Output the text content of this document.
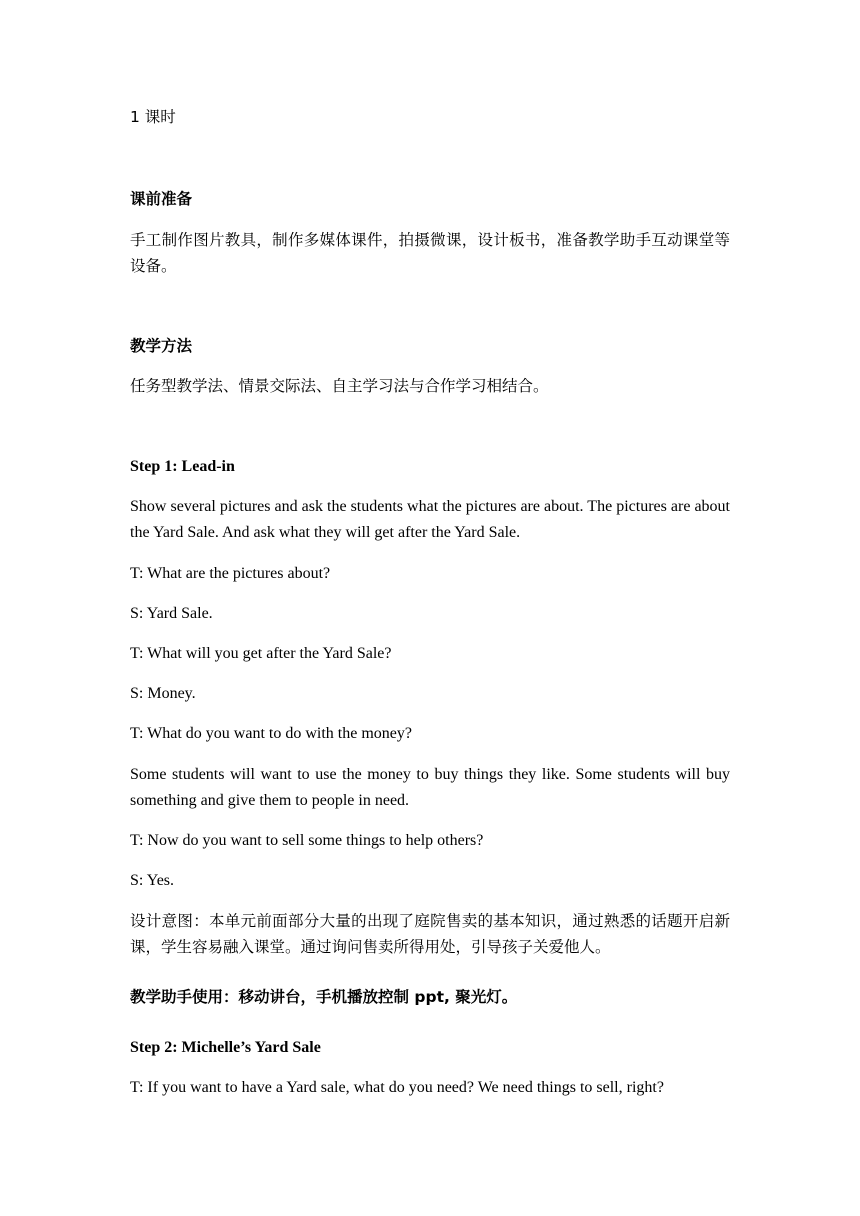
1 课时
课前准备
手工制作图片教具，制作多媒体课件，拍摄微课，设计板书，准备教学助手互动课堂等设备。
教学方法
任务型教学法、情景交际法、自主学习法与合作学习相结合。
Step 1: Lead-in
Show several pictures and ask the students what the pictures are about. The pictures are about the Yard Sale. And ask what they will get after the Yard Sale.
T: What are the pictures about?
S: Yard Sale.
T: What will you get after the Yard Sale?
S: Money.
T: What do you want to do with the money?
Some students will want to use the money to buy things they like. Some students will buy something and give them to people in need.
T: Now do you want to sell some things to help others?
S: Yes.
设计意图：本单元前面部分大量的出现了庭院售卖的基本知识，通过熟悉的话题开启新课，学生容易融入课堂。通过询问售卖所得用处，引导孩子关爱他人。
教学助手使用：移动讲台，手机播放控制 ppt, 聚光灯。
Step 2: Michelle’s Yard Sale
T: If you want to have a Yard sale, what do you need? We need things to sell, right?
